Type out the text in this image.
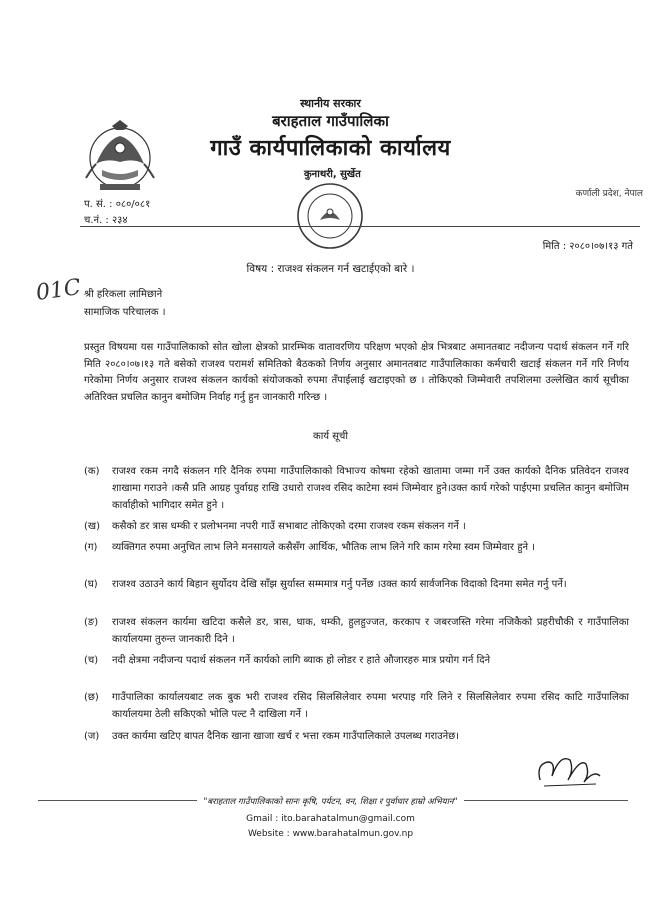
स्थानीय सरकार
बराहताल गाउँपालिका
गाउँ कार्यपालिकाको कार्यालय
कुनाथरी, सुर्खेत
कर्णाली प्रदेश, नेपाल
प. सं. : ०८०/०८१
च.नं. : २३४
मिति : २०८०।०७।१३ गते
विषय : राजश्व संकलन गर्न खटाईएको बारे ।
01C श्री हरिकला लामिछाने
सामाजिक परिचालक ।
प्रस्तुत विषयमा यस गाउँपालिकाको सोत खोला क्षेत्रको प्रारम्भिक वातावरणिय परिक्षण भएको क्षेत्र भित्रबाट अमानतबाट नदीजन्य पदार्थ संकलन गर्ने गरि मिति २०८०।०७।१३ गते बसेको राजश्व परामर्श समितिको बैठकको निर्णय अनुसार अमानतबाट गाउँपालिकाका कर्मचारी खटाई संकलन गर्ने गरि निर्णय गरेकोमा निर्णय अनुसार राजश्व संकलन कार्यको संयोजकको रुपमा तँपाईलाई खटाइएको छ । तोकिएको जिम्मेवारी तपशिलमा उल्लेखित कार्य सूचीका अतिरिक्त प्रचलित कानुन बमोजिम निर्वाह गर्नु हुन जानकारी गरिन्छ ।
कार्य सूची
(क)	राजश्व रकम नगदै संकलन गरि दैनिक रुपमा गाउँपालिकाको विभाज्य कोषमा रहेको खातामा जम्मा गर्ने उक्त कार्यको दैनिक प्रतिवेदन राजश्व शाखामा गराउने ।कसै प्रति आग्रह पुर्वाग्रह राखि उधारो राजश्व रसिद काटेमा स्वमं जिम्मेवार हुने।उक्त कार्य गरेको पाईएमा प्रचलित कानुन बमोजिम कार्वाहीको भागिदार समेत हुने ।
(ख)	कसैको डर त्रास धम्की र प्रलोभनमा नपरी गाउँ सभाबाट तोकिएको दरमा राजश्व रकम संकलन गर्ने ।
(ग)	व्यक्तिगत रुपमा अनुचित लाभ लिने मनसायले कसैसँग आर्थिक, भौतिक लाभ लिने गरि काम गरेमा स्वम जिम्मेवार हुने ।
(घ)	राजश्व उठाउने कार्य बिहान सुर्योदय देखि साँझ सुर्यास्त सम्ममात्र गर्नु पर्नेछ ।उक्त कार्य सार्वजनिक विदाको दिनमा समेत गर्नु पर्ने।
(ङ)	राजश्व संकलन कार्यमा खटिदा कसैले डर, त्रास, धाक, धम्की, हुलहुज्जत, करकाप र जबरजस्ति गरेमा नजिकैको प्रहरीचौकी र गाउँपालिका कार्यालयमा तुरुन्त जानकारी दिने ।
(च)	नदी क्षेत्रमा नदीजन्य पदार्थ संकलन गर्ने कार्यको लागि ब्याक हो लोडर र हाते औजारहरु मात्र प्रयोग गर्न दिने
(छ)	गाउँपालिका कार्यालयबाट लक बुक भरी राजश्व रसिद सिलसिलेवार रुपमा भरपाइ गरि लिने र सिलसिलेवार रुपमा रसिद काटि गाउँपालिका कार्यालयमा ठेली सकिएको भोलि पल्ट नै दाखिला गर्ने ।
(ज)	उक्त कार्यमा खटिए बापत दैनिक खाना खाजा खर्च र भत्ता रकम गाउँपालिकाले उपलब्ध गराउनेछ।
"बराहताल गाउँपालिकाको सानः कृषि, पर्यटन, वन, शिक्षा र पुर्वाधार हाम्रो अभियान"
Gmail : ito.barahatalmun@gmail.com
Website : www.barahatalmun.gov.np
